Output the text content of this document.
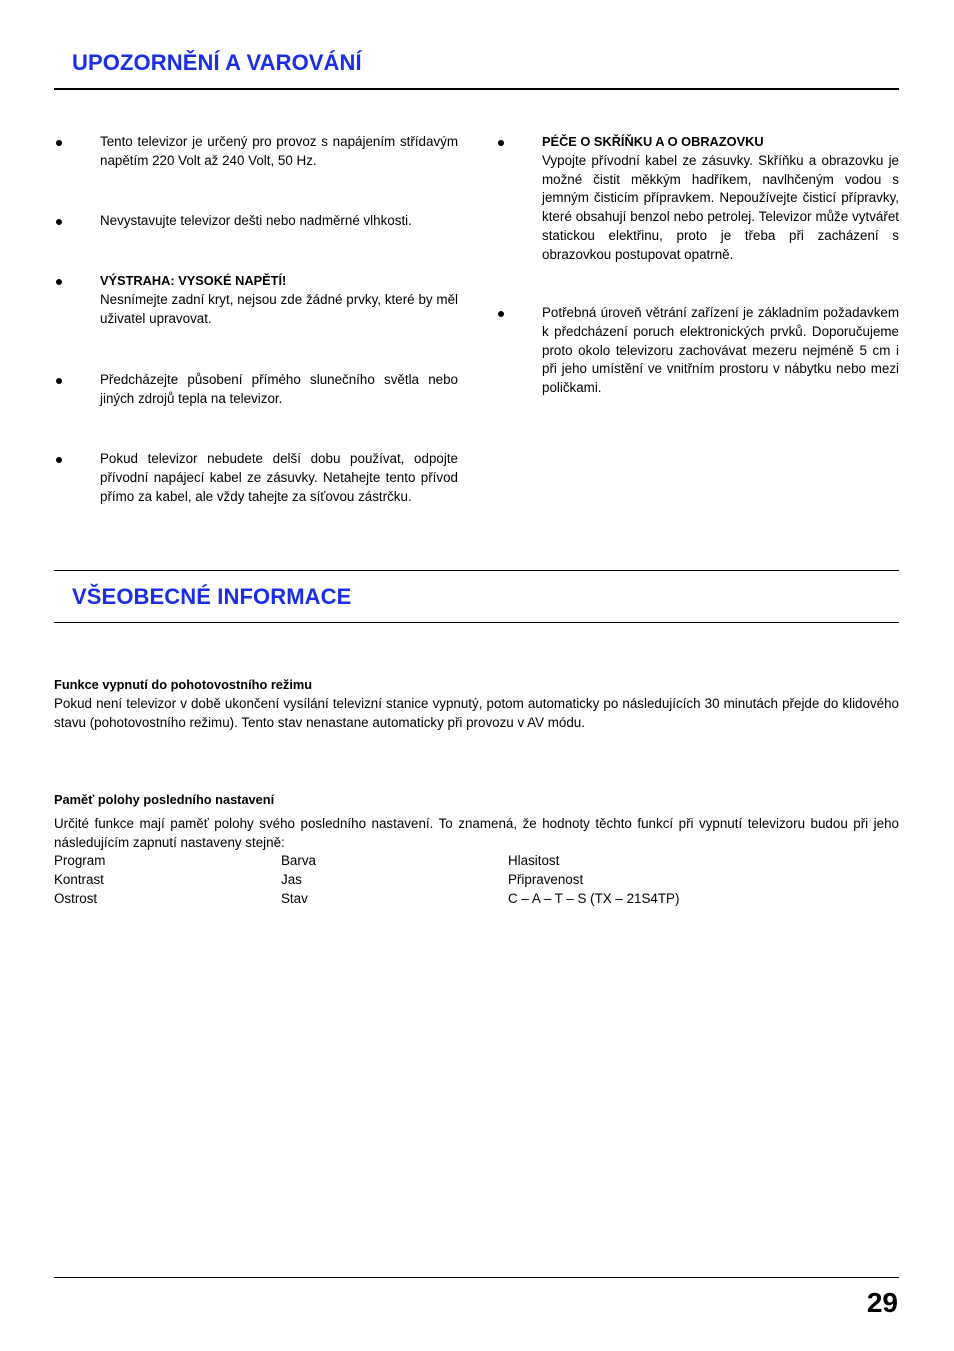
UPOZORNĚNÍ A VAROVÁNÍ

Tento televizor je určený pro provoz s napájením střídavým napětím 220 Volt až 240 Volt, 50 Hz.

Nevystavujte televizor dešti nebo nadměrné vlhkosti.

VÝSTRAHA: VYSOKÉ NAPĚTÍ!

Nesnímejte zadní kryt, nejsou zde žádné prvky, které by měl uživatel upravovat.

Předcházejte působení přímého slunečního světla nebo jiných zdrojů tepla na televizor.

Pokud televizor nebudete delší dobu používat, odpojte přívodní napájecí kabel ze zásuvky. Netahejte tento přívod přímo za kabel, ale vždy tahejte za síťovou zástrčku.

PÉČE O SKŘÍŇKU A O OBRAZOVKU

Vypojte přívodní kabel ze zásuvky. Skříňku a obrazovku je možné čistit měkkým hadříkem, navlhčeným vodou s jemným čisticím přípravkem. Nepoužívejte čisticí přípravky, které obsahují benzol nebo petrolej. Televizor může vytvářet statickou elektřinu, proto je třeba při zacházení s obrazovkou postupovat opatrně.

Potřebná úroveň větrání zařízení je základním požadavkem k předcházení poruch elektronických prvků. Doporučujeme proto okolo televizoru zachovávat mezeru nejméně 5 cm i při jeho umístění ve vnitřním prostoru v nábytku nebo mezi poličkami.

VŠEOBECNÉ INFORMACE

Funkce vypnutí do pohotovostního režimu

Pokud není televizor v době ukončení vysílání televizní stanice vypnutý, potom automaticky po následujících 30 minutách přejde do klidového stavu (pohotovostního režimu). Tento stav nenastane automaticky při provozu v AV módu.

Paměť polohy posledního nastavení

Určité funkce mají paměť polohy svého posledního nastavení. To znamená, že hodnoty těchto funkcí při vypnutí televizoru budou při jeho následujícím zapnutí nastaveny stejně:

Program	Barva	Hlasitost
Kontrast	Jas	Připravenost
Ostrost	Stav	C – A – T – S (TX – 21S4TP)
29
